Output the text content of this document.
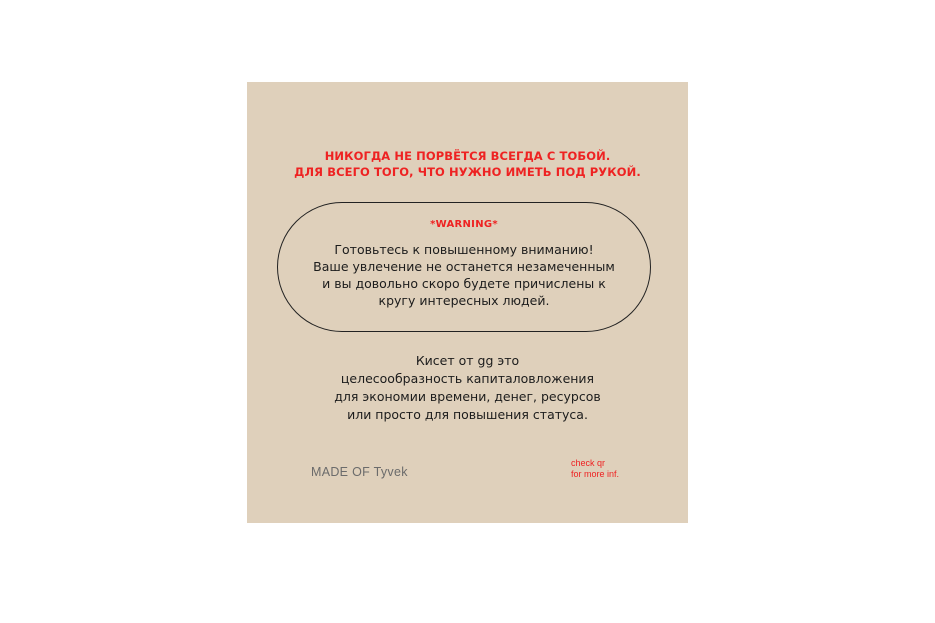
НИКОГДА НЕ ПОРВЁТСЯ ВСЕГДА С ТОБОЙ.
ДЛЯ ВСЕГО ТОГО, ЧТО НУЖНО ИМЕТЬ ПОД РУКОЙ.
*WARNING*
Готовьтесь к повышенному вниманию!
Ваше увлечение не останется незамеченным
и вы довольно скоро будете причислены к
кругу интересных людей.
Кисет от gg это
целесообразность капиталовложения
для экономии времени, денег, ресурсов
или просто для повышения статуса.
MADE OF Tyvek
check qr
for more inf.
